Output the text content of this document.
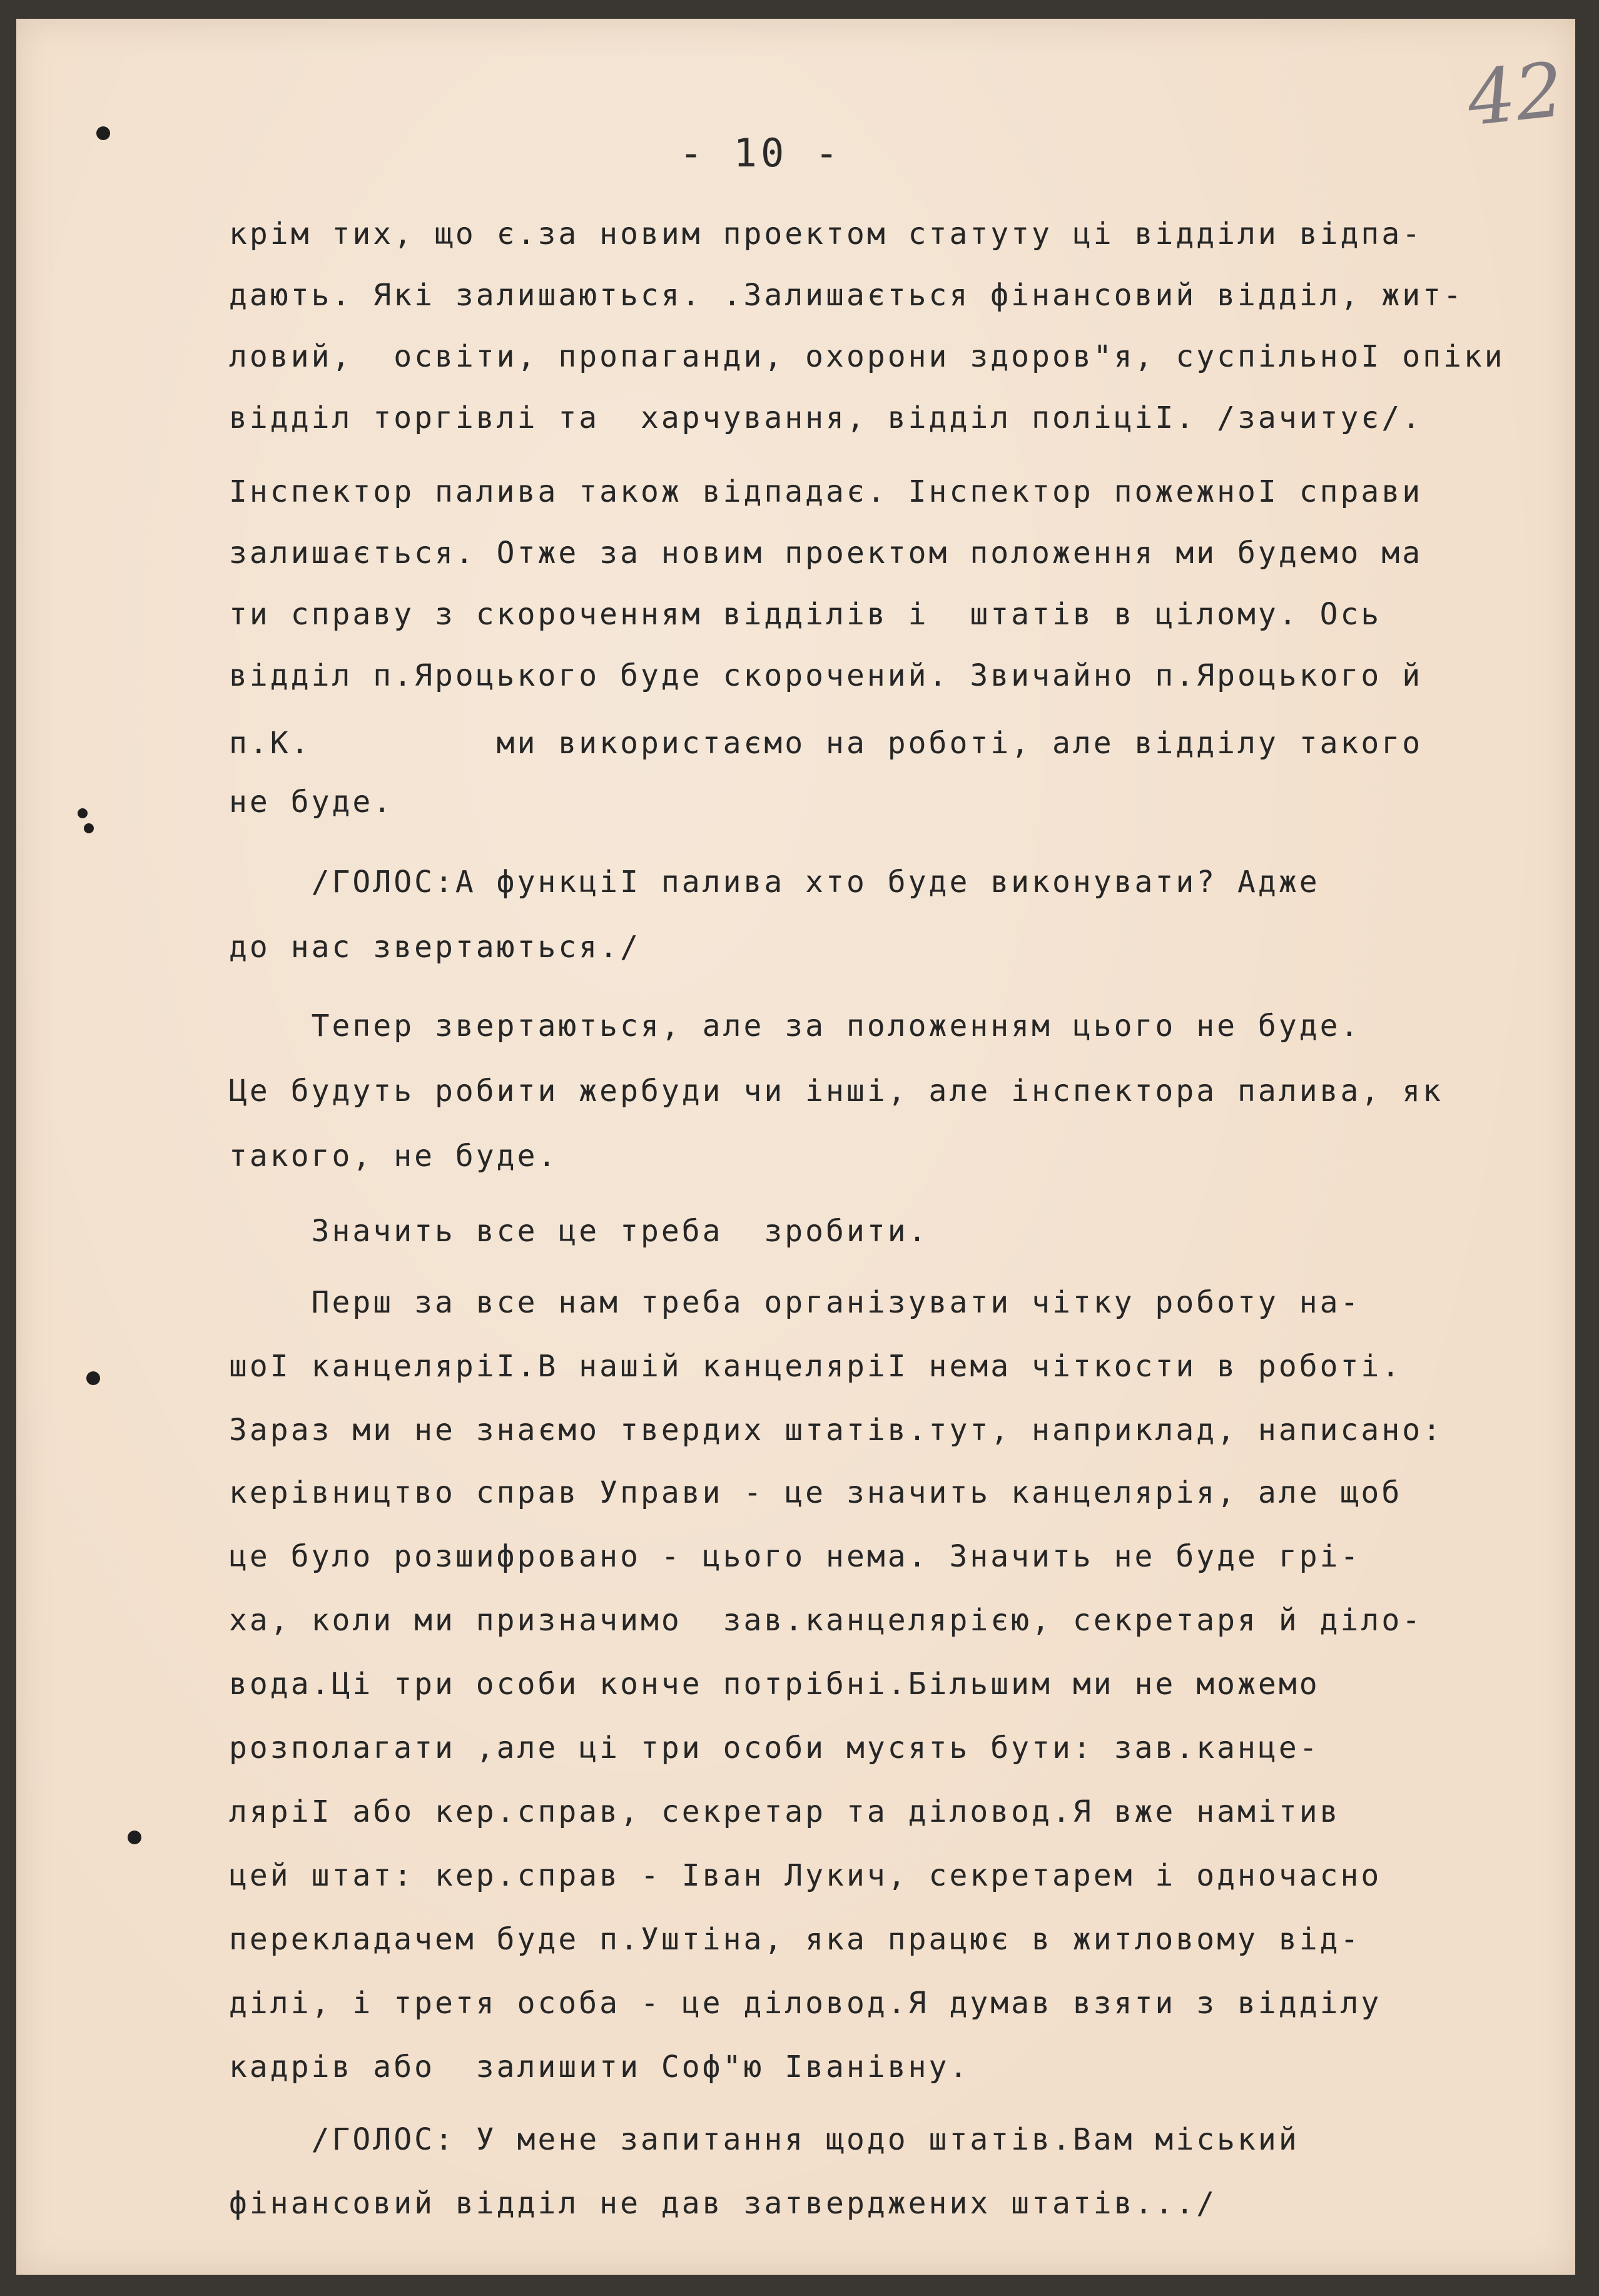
42
- 10 -
крім тих, що є.за новим проектом статуту ці відділи відпа-
дають. Які залишаються. .Залишається фінансовий відділ, жит-
ловий,  освіти, пропаганди, охорони здоров"я, суспільноІ опіки
відділ торгівлі та  харчування, відділ поліціІ. /зачитує/.
Інспектор палива також відпадає. Інспектор пожежноІ справи
залишається. Отже за новим проектом положення ми будемо ма
ти справу з скороченням відділів і  штатів в цілому. Ось
відділ п.Яроцького буде скорочений. Звичайно п.Яроцького й
п.К.         ми використаємо на роботі, але відділу такого
не буде.
/ГОЛОС:А функціІ палива хто буде виконувати? Адже
до нас звертаються./
Тепер звертаються, але за положенням цього не буде.
Це будуть робити жербуди чи інші, але інспектора палива, як
такого, не буде.
Значить все це треба  зробити.
Перш за все нам треба організувати чітку роботу на-
шоІ канцеляріІ.В нашій канцеляріІ нема чіткости в роботі.
Зараз ми не знаємо твердих штатів.тут, наприклад, написано:
керівництво справ Управи - це значить канцелярія, але щоб
це було розшифровано - цього нема. Значить не буде грі-
ха, коли ми призначимо  зав.канцелярією, секретаря й діло-
вода.Ці три особи конче потрібні.Більшим ми не можемо
розполагати ,але ці три особи мусять бути: зав.канце-
ляріІ або кер.справ, секретар та діловод.Я вже намітив
цей штат: кер.справ - Іван Лукич, секретарем і одночасно
перекладачем буде п.Уштіна, яка працює в житловому від-
ділі, і третя особа - це діловод.Я думав взяти з відділу
кадрів або  залишити Соф"ю Іванівну.
/ГОЛОС: У мене запитання щодо штатів.Вам міський
фінансовий відділ не дав затверджених штатів.../
